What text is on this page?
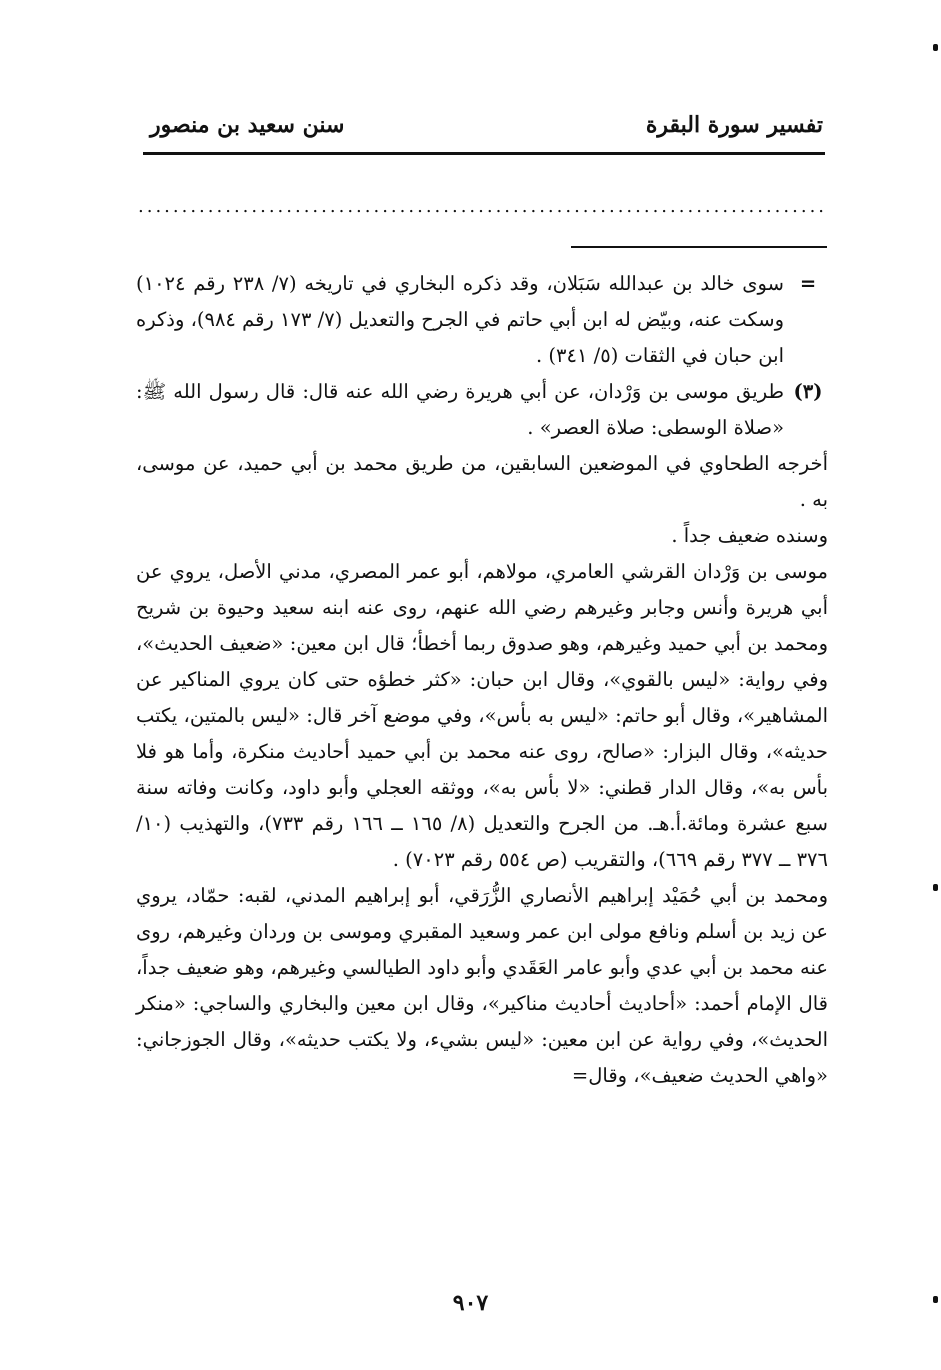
تفسير سورة البقرة
سنن سعيد بن منصور
...............................................................................
=

سوى خالد بن عبدالله سَبَلان، وقد ذكره البخاري في تاريخه (٧/ ٢٣٨ رقم ١٠٢٤) وسكت عنه، وبيّض له ابن أبي حاتم في الجرح والتعديل (٧/ ١٧٣ رقم ٩٨٤)، وذكره ابن حبان في الثقات (٥/ ٣٤١) .

(٣)

طريق موسى بن وَرْدان، عن أبي هريرة رضي الله عنه قال: قال رسول الله ﷺ: «صلاة الوسطى: صلاة العصر» .

أخرجه الطحاوي في الموضعين السابقين، من طريق محمد بن أبي حميد، عن موسى، به .

وسنده ضعيف جداً .

موسى بن وَرْدان القرشي العامري، مولاهم، أبو عمر المصري، مدني الأصل، يروي عن أبي هريرة وأنس وجابر وغيرهم رضي الله عنهم، روى عنه ابنه سعيد وحيوة بن شريح ومحمد بن أبي حميد وغيرهم، وهو صدوق ربما أخطأ؛ قال ابن معين: «ضعيف الحديث»، وفي رواية: «ليس بالقوي»، وقال ابن حبان: «كثر خطؤه حتى كان يروي المناكير عن المشاهير»، وقال أبو حاتم: «ليس به بأس»، وفي موضع آخر قال: «ليس بالمتين، يكتب حديثه»، وقال البزار: «صالح، روى عنه محمد بن أبي حميد أحاديث منكرة، وأما هو فلا بأس به»، وقال الدار قطني: «لا بأس به»، ووثقه العجلي وأبو داود، وكانت وفاته سنة سبع عشرة ومائة.أ.هـ. من الجرح والتعديل (٨/ ١٦٥ ــ ١٦٦ رقم ٧٣٣)، والتهذيب (١٠/ ٣٧٦ ــ ٣٧٧ رقم ٦٦٩)، والتقريب (ص ٥٥٤ رقم ٧٠٢٣) .

ومحمد بن أبي حُمَيْد إبراهيم الأنصاري الزُّرَقي، أبو إبراهيم المدني، لقبه: حمّاد، يروي عن زيد بن أسلم ونافع مولى ابن عمر وسعيد المقبري وموسى بن وردان وغيرهم، روى عنه محمد بن أبي عدي وأبو عامر العَقَدي وأبو داود الطيالسي وغيرهم، وهو ضعيف جداً، قال الإمام أحمد: «أحاديث أحاديث مناكير»، وقال ابن معين والبخاري والساجي: «منكر الحديث»، وفي رواية عن ابن معين: «ليس بشيء، ولا يكتب حديثه»، وقال الجوزجاني: «واهي الحديث ضعيف»، وقال=

٩٠٧
